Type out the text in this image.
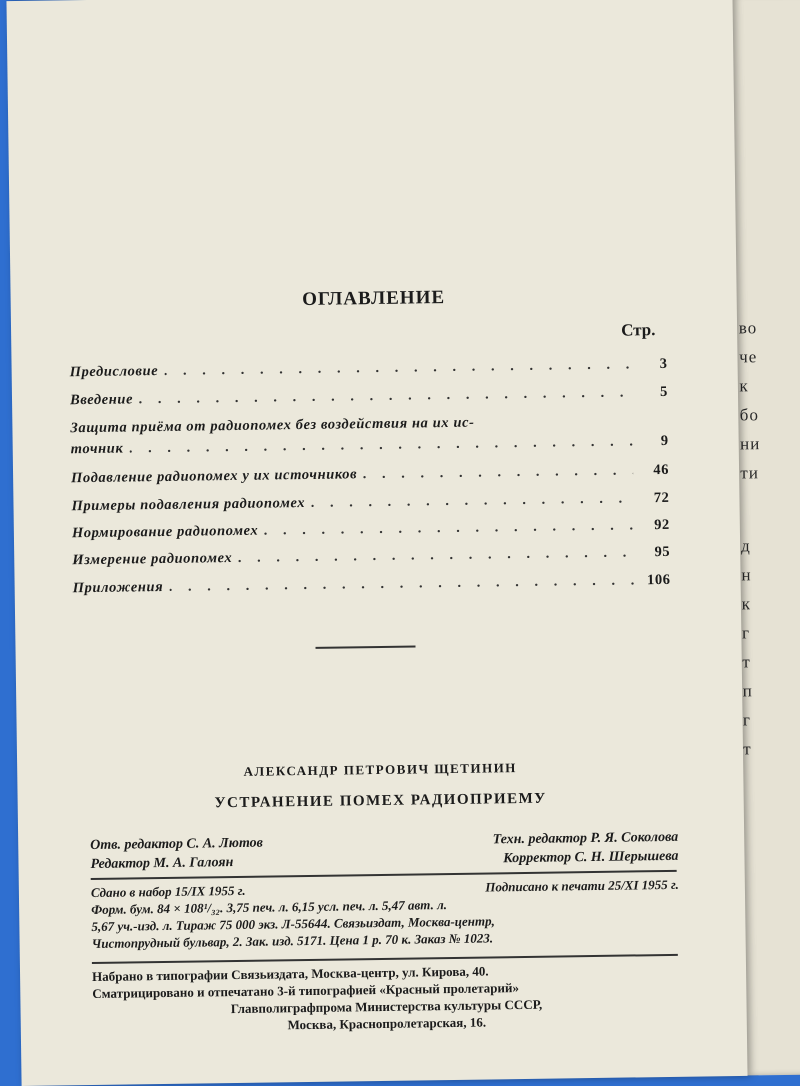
во
че
к
бо
ни
ти
д
н
к
г
т
п
г
т
ОГЛАВЛЕНИЕ
Стр.
Предисловие . . .	3
Введение . . .	5
Защита приёма от радиопомех без воздействия на их ис-
точник . . .	9
Подавление радиопомех у их источников . . .	46
Примеры подавления радиопомех . . .	72
Нормирование радиопомех . . .	92
Измерение радиопомех . . .	95
Приложения . . .	106
АЛЕКСАНДР ПЕТРОВИЧ ЩЕТИНИН
УСТРАНЕНИЕ ПОМЕХ РАДИОПРИЕМУ
Отв. редактор С. А. Лютов	Техн. редактор Р. Я. Соколова
Редактор М. А. Галоян	Корректор С. Н. Шерышева
Сдано в набор 15/IX 1955 г.	Подписано к печати 25/XI 1955 г.
Форм. бум. 84 × 108¹/₃₂. 3,75 печ. л. 6,15 усл. печ. л. 5,47 авт. л.
5,67 уч.-изд. л. Тираж 75 000 экз. Л-55644. Связьиздат, Москва-центр,
Чистопрудный бульвар, 2. Зак. изд. 5171. Цена 1 р. 70 к. Заказ № 1023.
Набрано в типографии Связьиздата, Москва-центр, ул. Кирова, 40.
Сматрицировано и отпечатано 3-й типографией «Красный пролетарий»
Главполиграфпрома Министерства культуры СССР,
Москва, Краснопролетарская, 16.
